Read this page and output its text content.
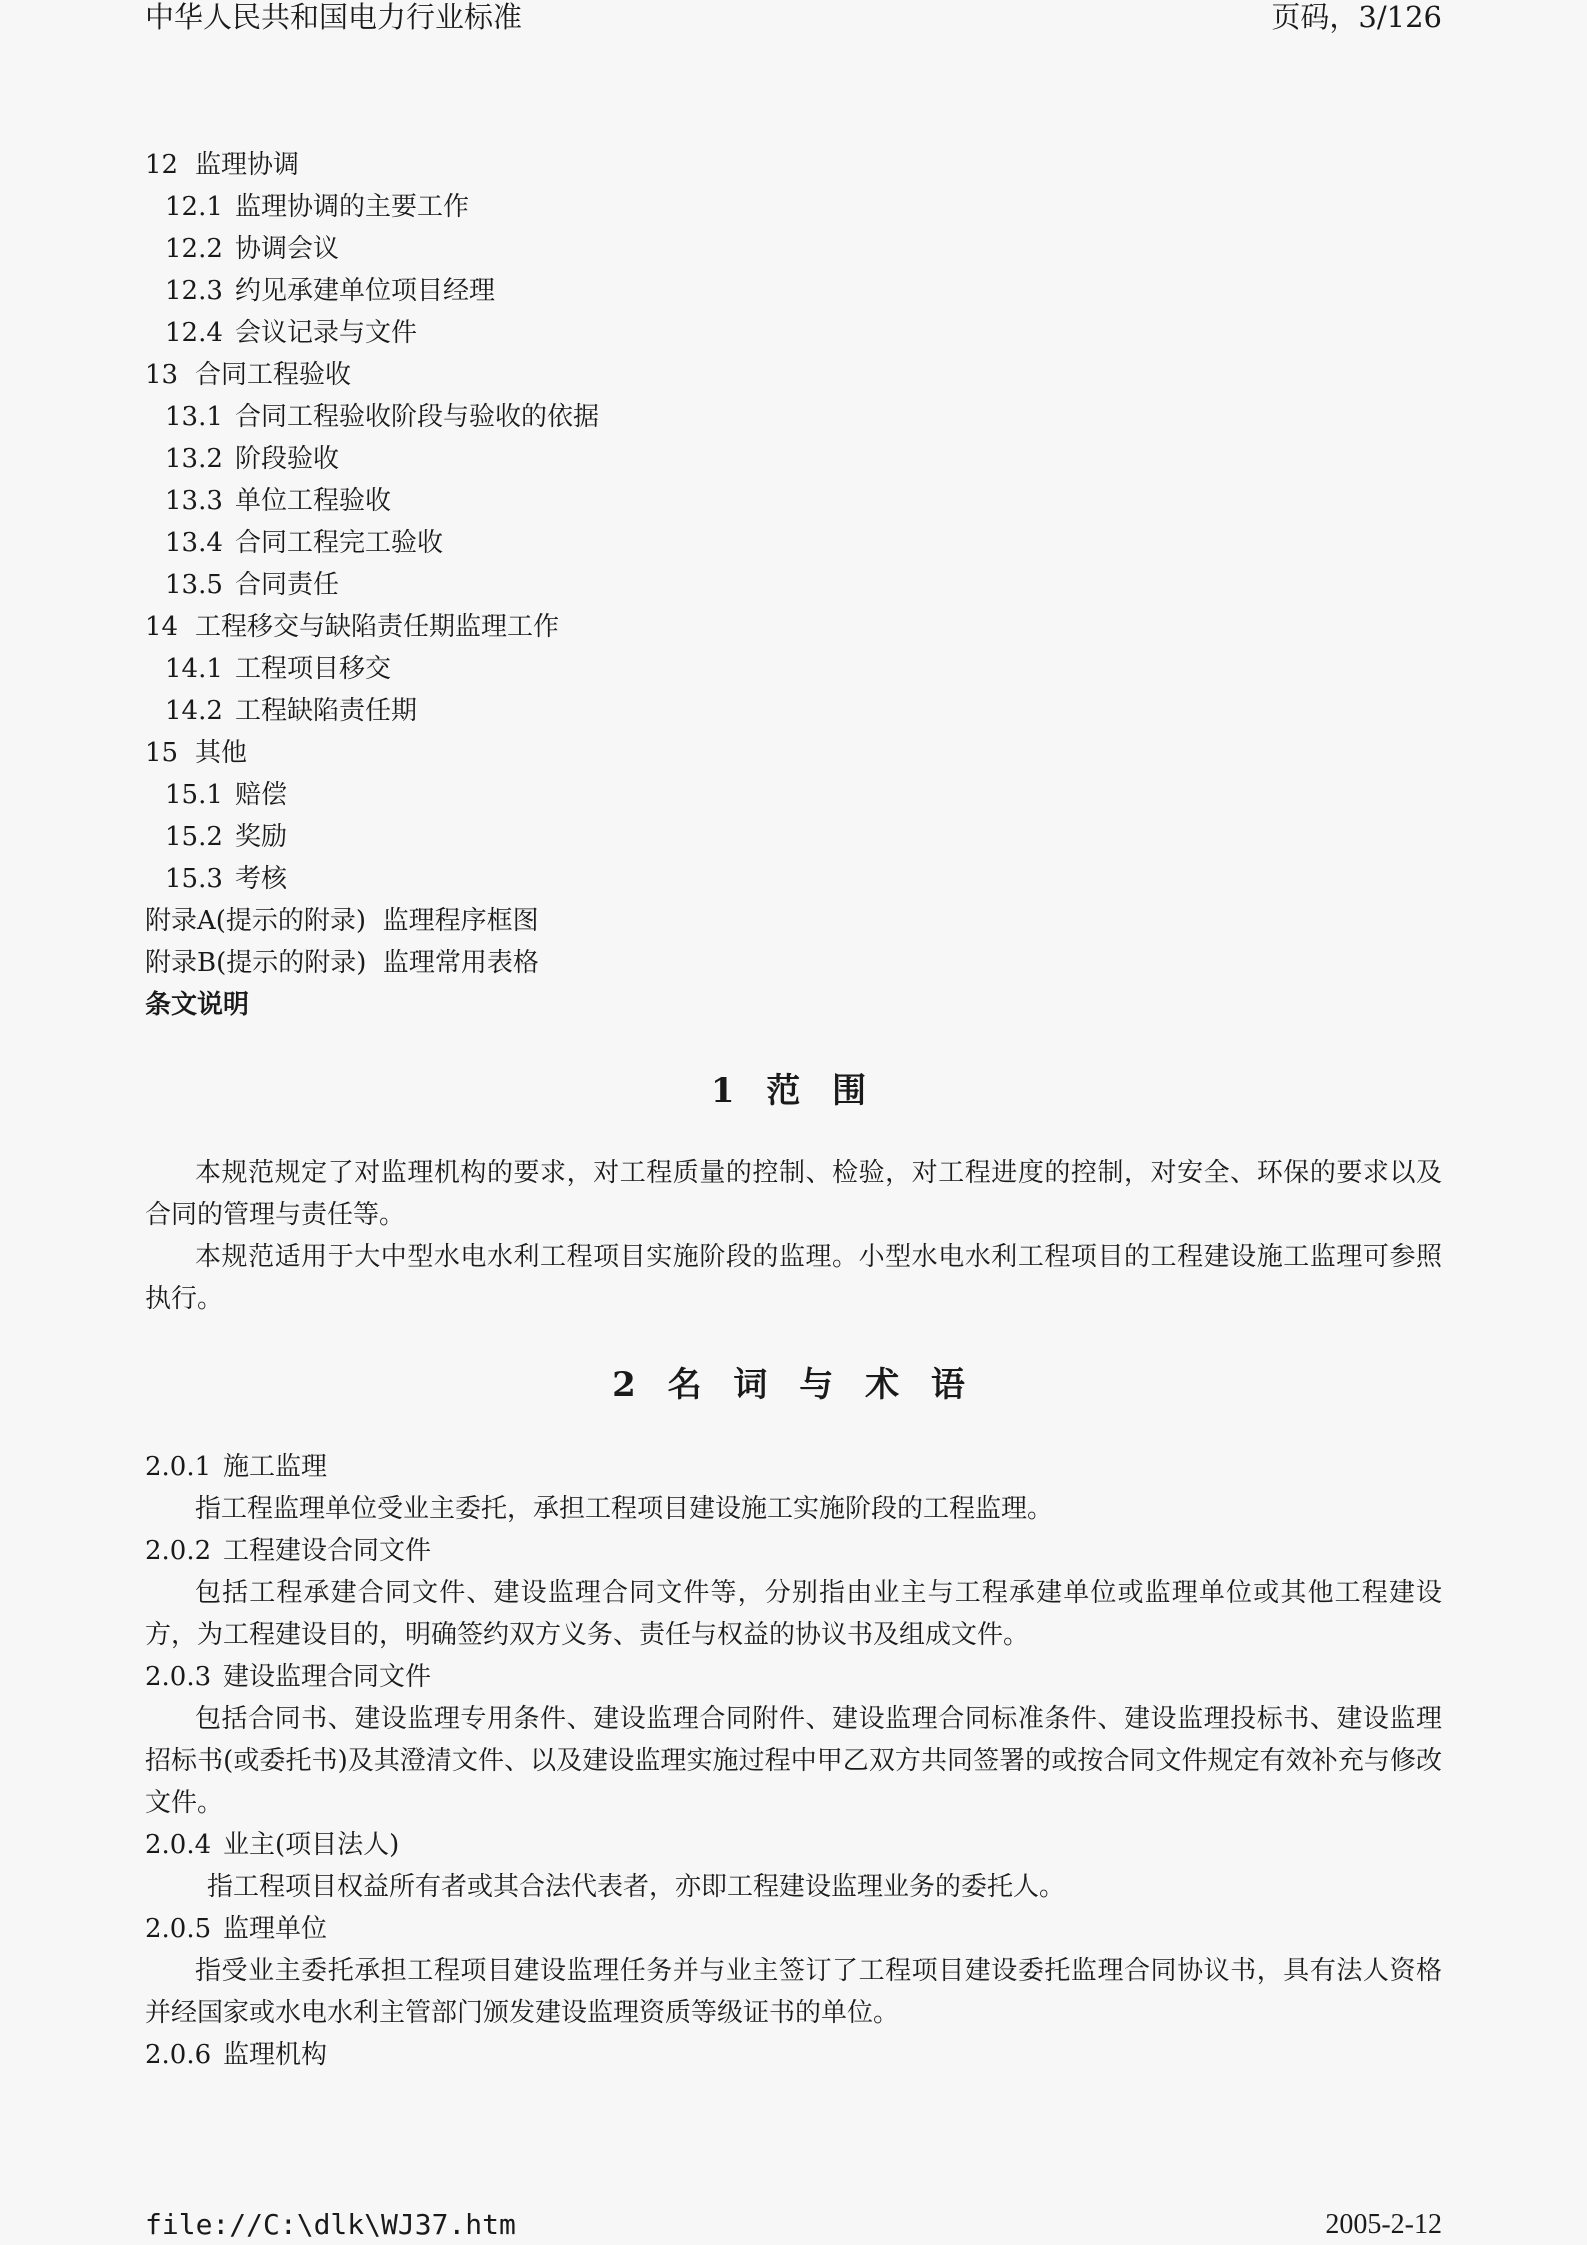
中华人民共和国电力行业标准	页码，3/126
12 监理协调
12.1 监理协调的主要工作
12.2 协调会议
12.3 约见承建单位项目经理
12.4 会议记录与文件
13 合同工程验收
13.1 合同工程验收阶段与验收的依据
13.2 阶段验收
13.3 单位工程验收
13.4 合同工程完工验收
13.5 合同责任
14 工程移交与缺陷责任期监理工作
14.1 工程项目移交
14.2 工程缺陷责任期
15 其他
15.1 赔偿
15.2 奖励
15.3 考核
附录A(提示的附录)  监理程序框图
附录B(提示的附录)  监理常用表格
条文说明
1 范 围
本规范规定了对监理机构的要求，对工程质量的控制、检验，对工程进度的控制，对安全、环保的要求以及合同的管理与责任等。
本规范适用于大中型水电水利工程项目实施阶段的监理。小型水电水利工程项目的工程建设施工监理可参照执行。
2 名 词 与 术 语
2.0.1 施工监理
指工程监理单位受业主委托，承担工程项目建设施工实施阶段的工程监理。
2.0.2 工程建设合同文件
包括工程承建合同文件、建设监理合同文件等，分别指由业主与工程承建单位或监理单位或其他工程建设方，为工程建设目的，明确签约双方义务、责任与权益的协议书及组成文件。
2.0.3 建设监理合同文件
包括合同书、建设监理专用条件、建设监理合同附件、建设监理合同标准条件、建设监理投标书、建设监理招标书(或委托书)及其澄清文件、以及建设监理实施过程中甲乙双方共同签署的或按合同文件规定有效补充与修改文件。
2.0.4 业主(项目法人)
指工程项目权益所有者或其合法代表者，亦即工程建设监理业务的委托人。
2.0.5 监理单位
指受业主委托承担工程项目建设监理任务并与业主签订了工程项目建设委托监理合同协议书，具有法人资格并经国家或水电水利主管部门颁发建设监理资质等级证书的单位。
2.0.6 监理机构
file://C:\dlk\WJ37.htm	2005-2-12
